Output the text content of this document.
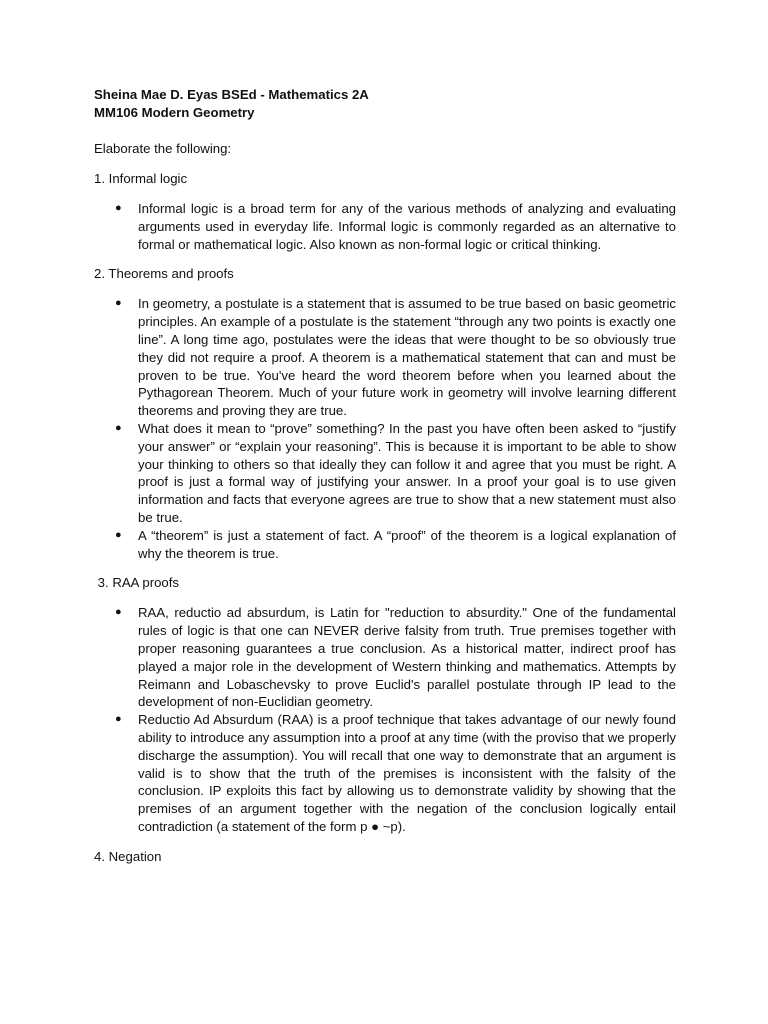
Sheina Mae D. Eyas BSEd - Mathematics 2A

MM106 Modern Geometry

Elaborate the following:

1. Informal logic

● Informal logic is a broad term for any of the various methods of analyzing and evaluating arguments used in everyday life. Informal logic is commonly regarded as an alternative to formal or mathematical logic. Also known as non-formal logic or critical thinking.

2. Theorems and proofs

● In geometry, a postulate is a statement that is assumed to be true based on basic geometric principles. An example of a postulate is the statement “through any two points is exactly one line”. A long time ago, postulates were the ideas that were thought to be so obviously true they did not require a proof. A theorem is a mathematical statement that can and must be proven to be true. You've heard the word theorem before when you learned about the Pythagorean Theorem. Much of your future work in geometry will involve learning different theorems and proving they are true.
● What does it mean to “prove” something? In the past you have often been asked to “justify your answer” or “explain your reasoning”. This is because it is important to be able to show your thinking to others so that ideally they can follow it and agree that you must be right. A proof is just a formal way of justifying your answer. In a proof your goal is to use given information and facts that everyone agrees are true to show that a new statement must also be true.
● A “theorem” is just a statement of fact. A “proof” of the theorem is a logical explanation of why the theorem is true.

3. RAA proofs

● RAA, reductio ad absurdum, is Latin for "reduction to absurdity." One of the fundamental rules of logic is that one can NEVER derive falsity from truth. True premises together with proper reasoning guarantees a true conclusion. As a historical matter, indirect proof has played a major role in the development of Western thinking and mathematics. Attempts by Reimann and Lobaschevsky to prove Euclid's parallel postulate through IP lead to the development of non-Euclidian geometry.
● Reductio Ad Absurdum (RAA) is a proof technique that takes advantage of our newly found ability to introduce any assumption into a proof at any time (with the proviso that we properly discharge the assumption). You will recall that one way to demonstrate that an argument is valid is to show that the truth of the premises is inconsistent with the falsity of the conclusion. IP exploits this fact by allowing us to demonstrate validity by showing that the premises of an argument together with the negation of the conclusion logically entail contradiction (a statement of the form p ● ~p).

4. Negation
